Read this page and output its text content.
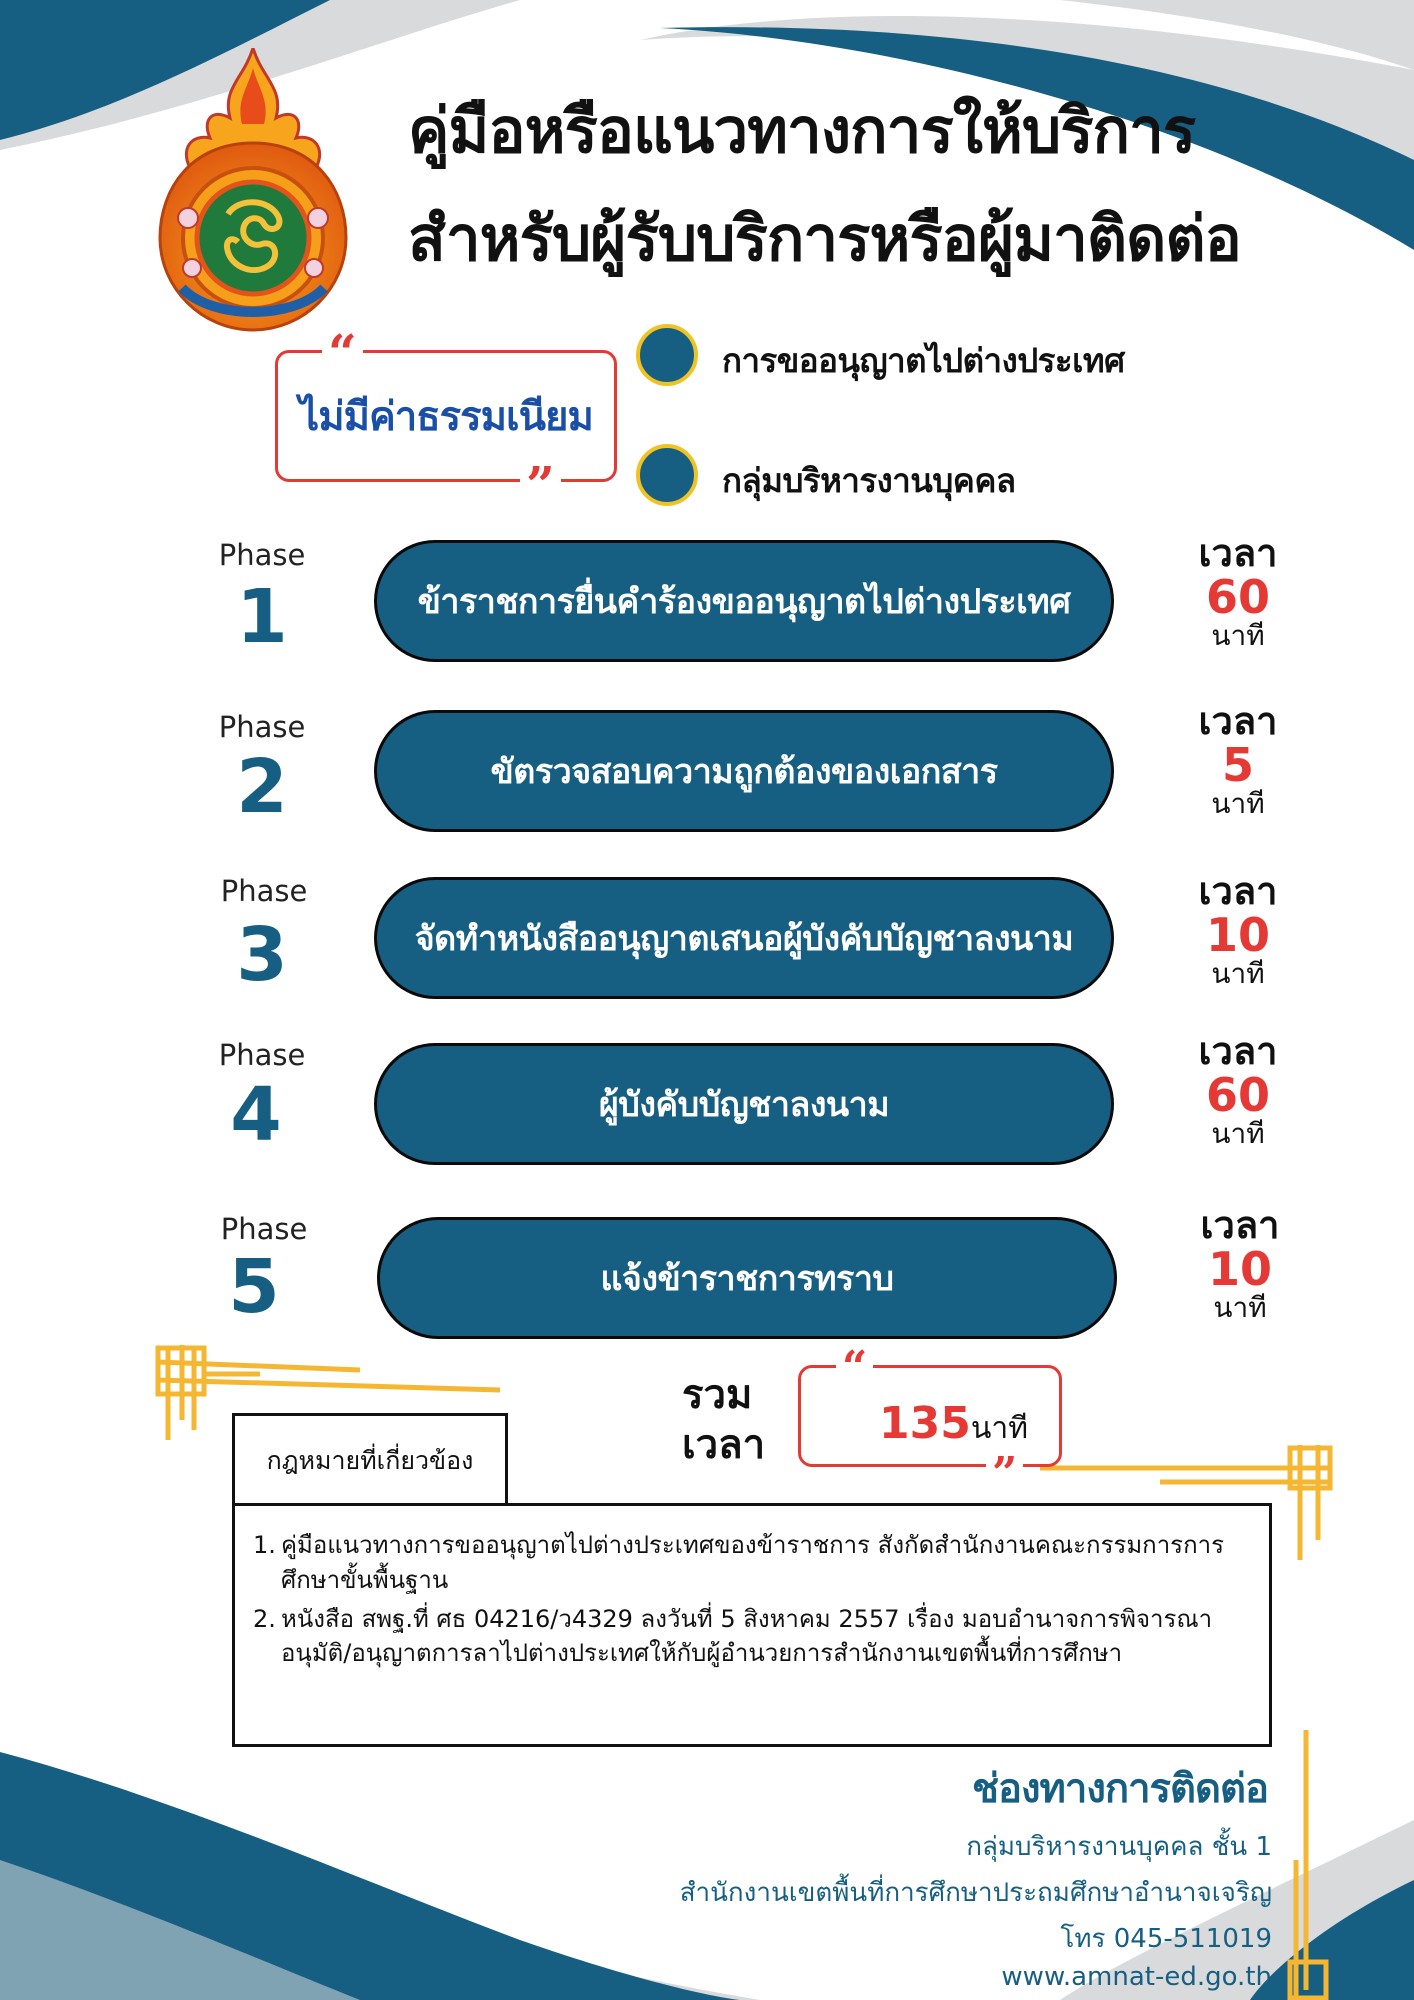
คู่มือหรือแนวทางการให้บริการ
สำหรับผู้รับบริการหรือผู้มาติดต่อ
ไม่มีค่าธรรมเนียม
“
”
การขออนุญาตไปต่างประเทศ
กลุ่มบริหารงานบุคคล
Phase
1	ข้าราชการยื่นคำร้องขออนุญาตไปต่างประเทศ
เวลา
60
นาที
Phase
2	ขัตรวจสอบความถูกต้องของเอกสาร
เวลา
5
นาที
Phase
3	จัดทำหนังสืออนุญาตเสนอผู้บังคับบัญชาลงนาม
เวลา
10
นาที
Phase
4	ผู้บังคับบัญชาลงนาม
เวลา
60
นาที
Phase
5	แจ้งข้าราชการทราบ
เวลา
10
นาที
รวม
เวลา	135นาที
“
”
กฎหมายที่เกี่ยวข้อง
1. คู่มือแนวทางการขออนุญาตไปต่างประเทศของข้าราชการ สังกัดสำนักงานคณะกรรมการการศึกษาขั้นพื้นฐาน
2. หนังสือ สพฐ.ที่ ศธ 04216/ว4329 ลงวันที่ 5 สิงหาคม 2557 เรื่อง มอบอำนาจการพิจารณาอนุมัติ/อนุญาตการลาไปต่างประเทศให้กับผู้อำนวยการสำนักงานเขตพื้นที่การศึกษา
ช่องทางการติดต่อ
กลุ่มบริหารงานบุคคล ชั้น 1
สำนักงานเขตพื้นที่การศึกษาประถมศึกษาอำนาจเจริญ
โทร 045-511019
www.amnat-ed.go.th
